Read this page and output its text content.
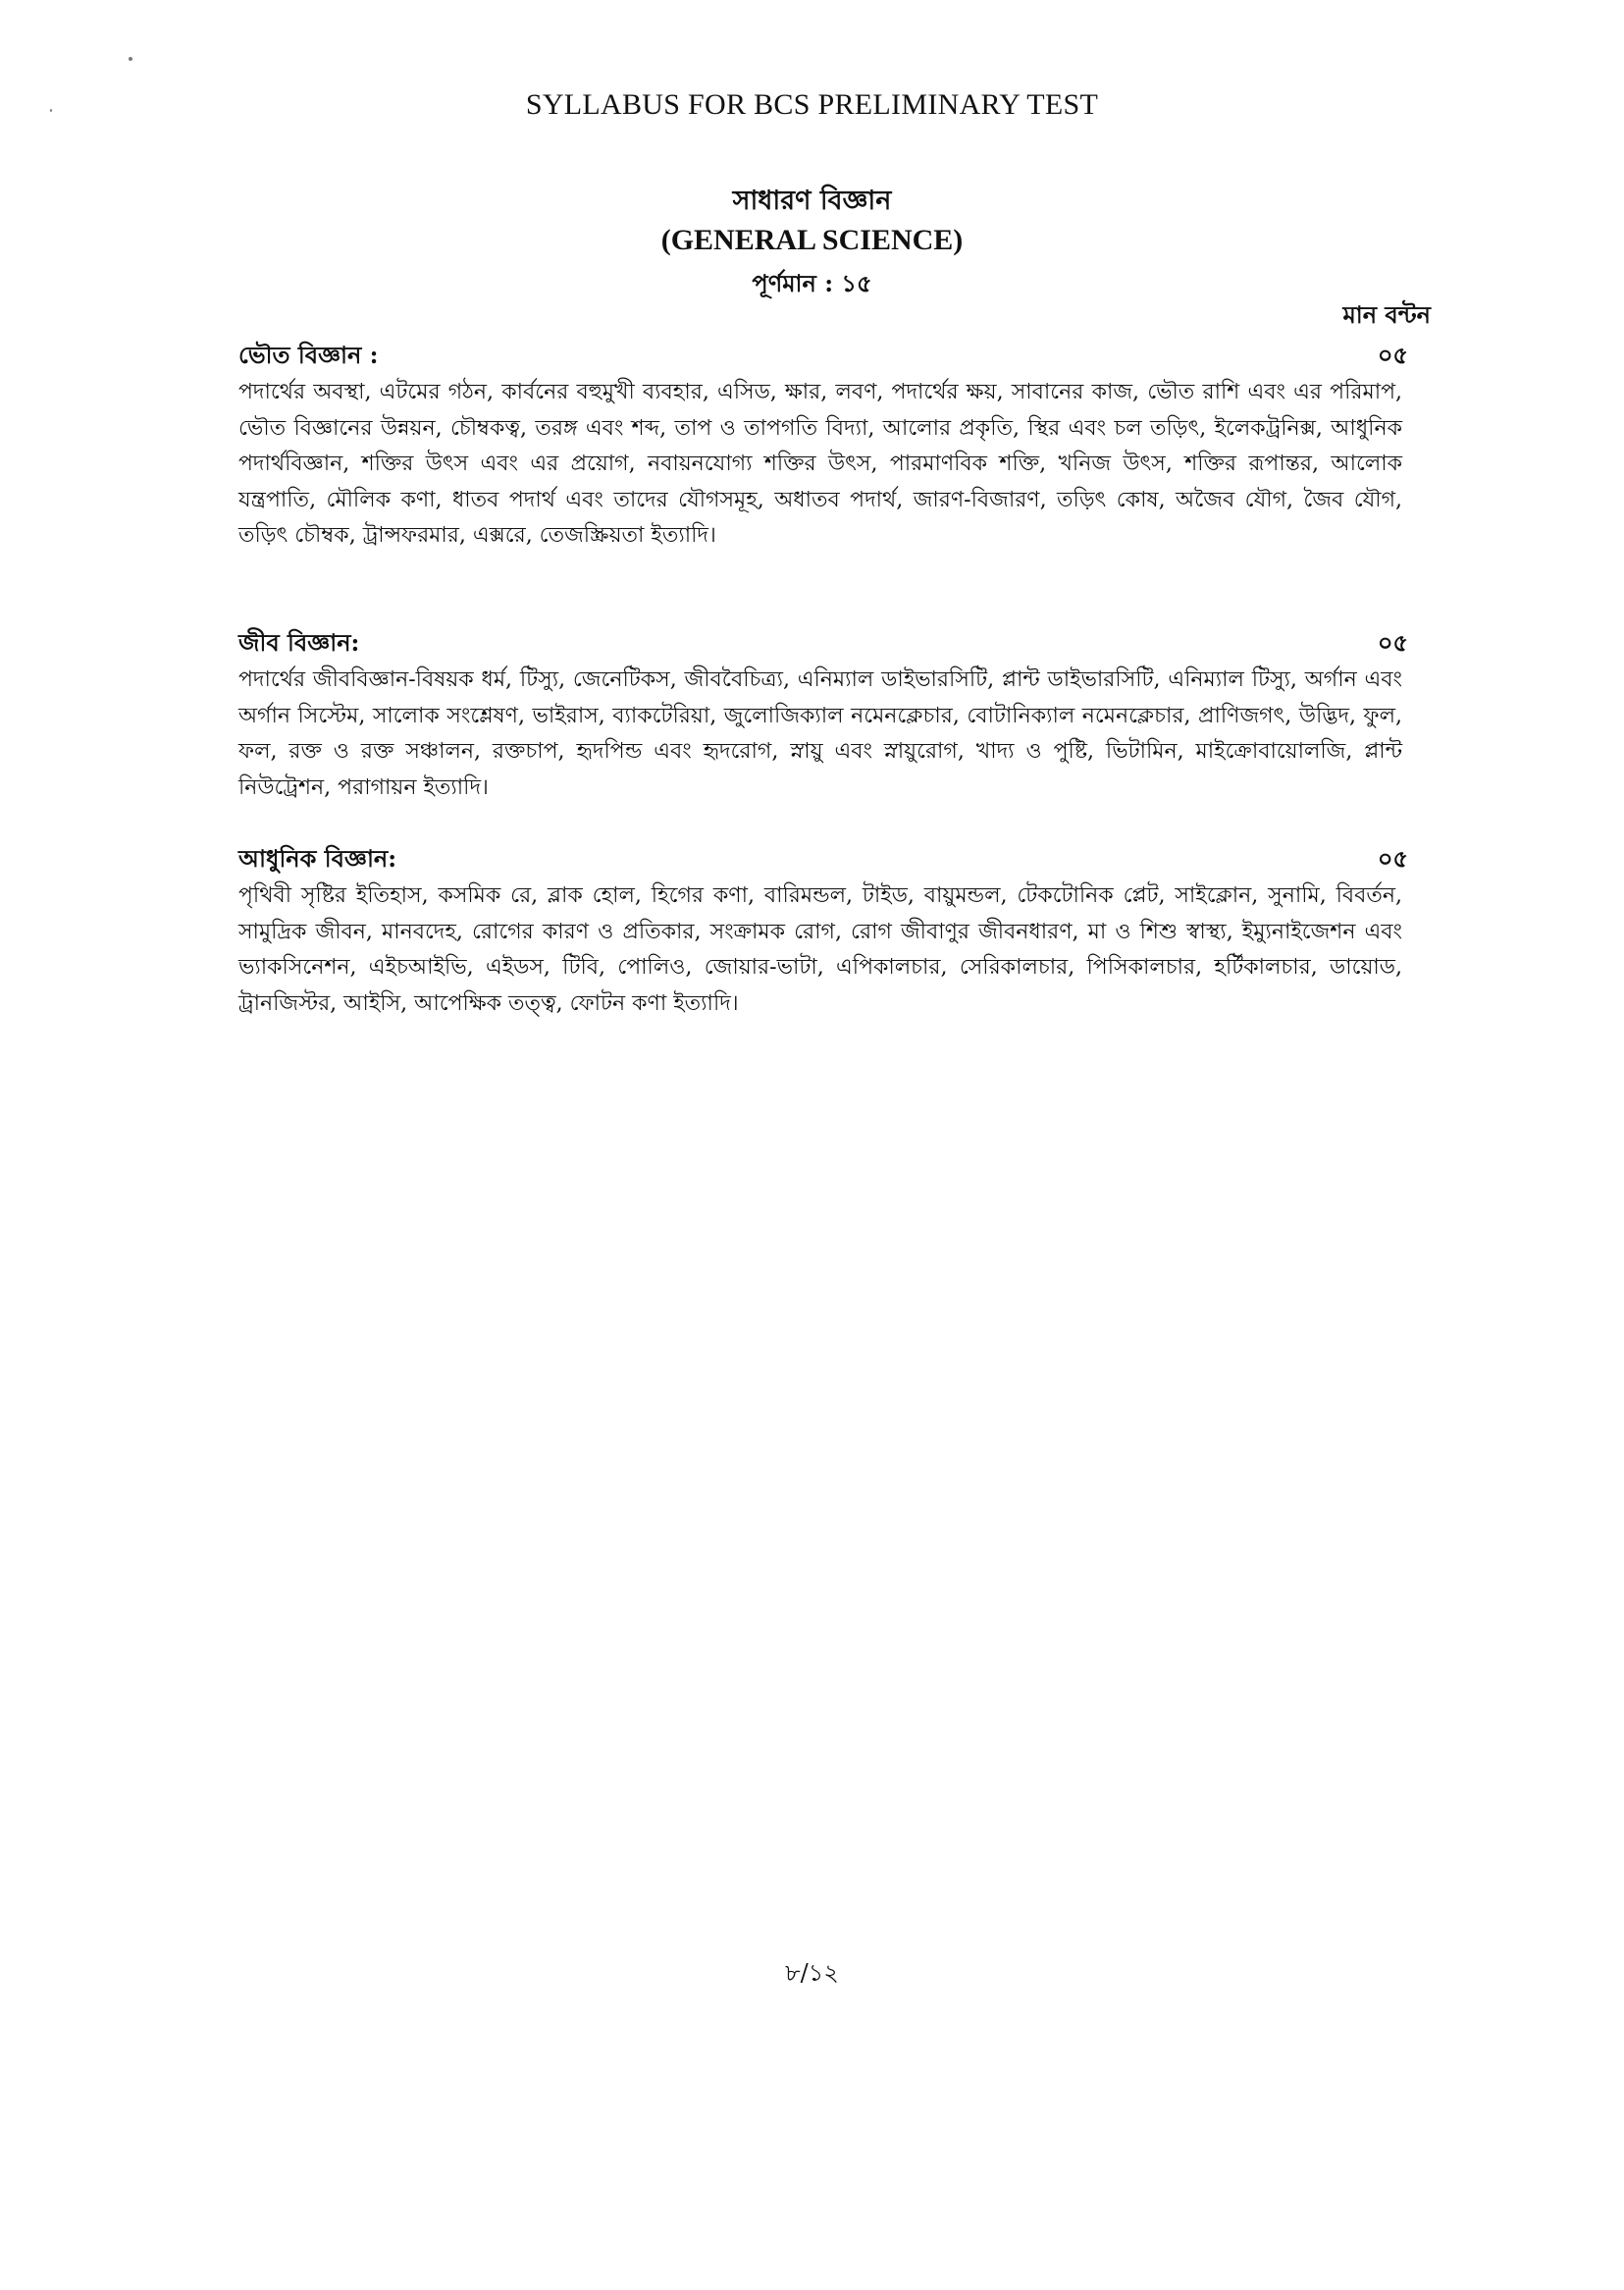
SYLLABUS FOR BCS PRELIMINARY TEST
সাধারণ বিজ্ঞান
(GENERAL SCIENCE)
পূর্ণমান : ১৫
মান বন্টন
ভৌত বিজ্ঞান :	০৫

পদার্থের অবস্থা, এটমের গঠন, কার্বনের বহুমুখী ব্যবহার, এসিড, ক্ষার, লবণ, পদার্থের ক্ষয়, সাবানের কাজ, ভৌত রাশি এবং এর পরিমাপ, ভৌত বিজ্ঞানের উন্নয়ন, চৌম্বকত্ব, তরঙ্গ এবং শব্দ, তাপ ও তাপগতি বিদ্যা, আলোর প্রকৃতি, স্থির এবং চল তড়িৎ, ইলেকট্রনিক্স, আধুনিক পদার্থবিজ্ঞান, শক্তির উৎস এবং এর প্রয়োগ, নবায়নযোগ্য শক্তির উৎস, পারমাণবিক শক্তি, খনিজ উৎস, শক্তির রূপান্তর, আলোক যন্ত্রপাতি, মৌলিক কণা, ধাতব পদার্থ এবং তাদের যৌগসমূহ, অধাতব পদার্থ, জারণ-বিজারণ, তড়িৎ কোষ, অজৈব যৌগ, জৈব যৌগ, তড়িৎ চৌম্বক, ট্রান্সফরমার, এক্সরে, তেজস্ক্রিয়তা ইত্যাদি।

জীব বিজ্ঞান:	০৫

পদার্থের জীববিজ্ঞান-বিষয়ক ধর্ম, টিস্যু, জেনেটিকস, জীববৈচিত্র্য, এনিম্যাল ডাইভারসিটি, প্লান্ট ডাইভারসিটি, এনিম্যাল টিস্যু, অর্গান এবং অর্গান সিস্টেম, সালোক সংশ্লেষণ, ভাইরাস, ব্যাকটেরিয়া, জুলোজিক্যাল নমেনক্লেচার, বোটানিক্যাল নমেনক্লেচার, প্রাণিজগৎ, উদ্ভিদ, ফুল, ফল, রক্ত ও রক্ত সঞ্চালন, রক্তচাপ, হৃদপিন্ড এবং হৃদরোগ, স্নায়ু এবং স্নায়ুরোগ, খাদ্য ও পুষ্টি, ভিটামিন, মাইক্রোবায়োলজি, প্লান্ট নিউট্রেশন, পরাগায়ন ইত্যাদি।

আধুনিক বিজ্ঞান:	০৫

পৃথিবী সৃষ্টির ইতিহাস, কসমিক রে, ব্লাক হোল, হিগের কণা, বারিমন্ডল, টাইড, বায়ুমন্ডল, টেকটোনিক প্লেট, সাইক্লোন, সুনামি, বিবর্তন, সামুদ্রিক জীবন, মানবদেহ, রোগের কারণ ও প্রতিকার, সংক্রামক রোগ, রোগ জীবাণুর জীবনধারণ, মা ও শিশু স্বাস্থ্য, ইম্যুনাইজেশন এবং ভ্যাকসিনেশন, এইচআইভি, এইডস, টিবি, পোলিও, জোয়ার-ভাটা, এপিকালচার, সেরিকালচার, পিসিকালচার, হর্টিকালচার, ডায়োড, ট্রানজিস্টর, আইসি, আপেক্ষিক তত্ত্ব, ফোটন কণা ইত্যাদি।

৮/১২
